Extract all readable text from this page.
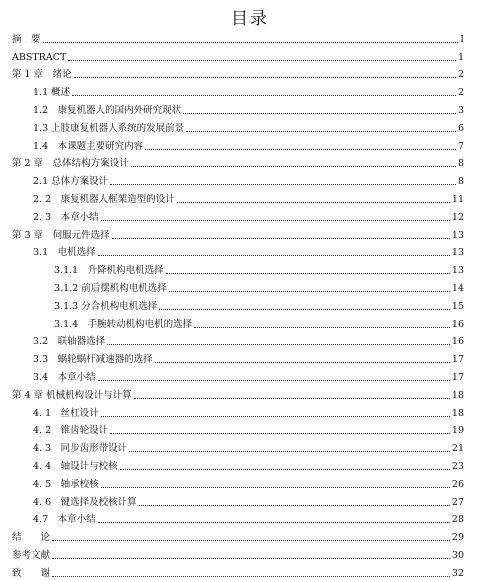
目录
摘　要	I
ABSTRACT	1
第 1 章　绪论	2
1.1 概述	2
1.2　康复机器人的国内外研究现状	3
1.3 上肢康复机器人系统的发展前景	6
1.4　本课题主要研究内容	7
第 2 章　总体结构方案设计	8
2.1 总体方案设计	8
2. 2　康复机器人框架造型的设计	11
2. 3　本章小结	12
第 3 章　伺服元件选择	13
3.1　电机选择	13
3.1.1　升降机构电机选择	13
3.1.2 前后摆机构电机选择	14
3.1.3 分合机构电机选择	15
3.1.4　手腕转动机构电机的选择	16
3.2　联轴器选择	16
3.3　蜗轮蜗杆减速器的选择	17
3.4　本章小结	17
第 4 章 机械机构设计与计算	18
4. 1　丝杠设计	18
4. 2　锥齿轮设计	19
4. 3　同步齿形带设计	21
4. 4　轴设计与校核	23
4. 5　轴承校核	26
4. 6　键选择及校核计算	27
4.7　本章小结	28
结　　论	29
参考文献	30
致　　谢	32
